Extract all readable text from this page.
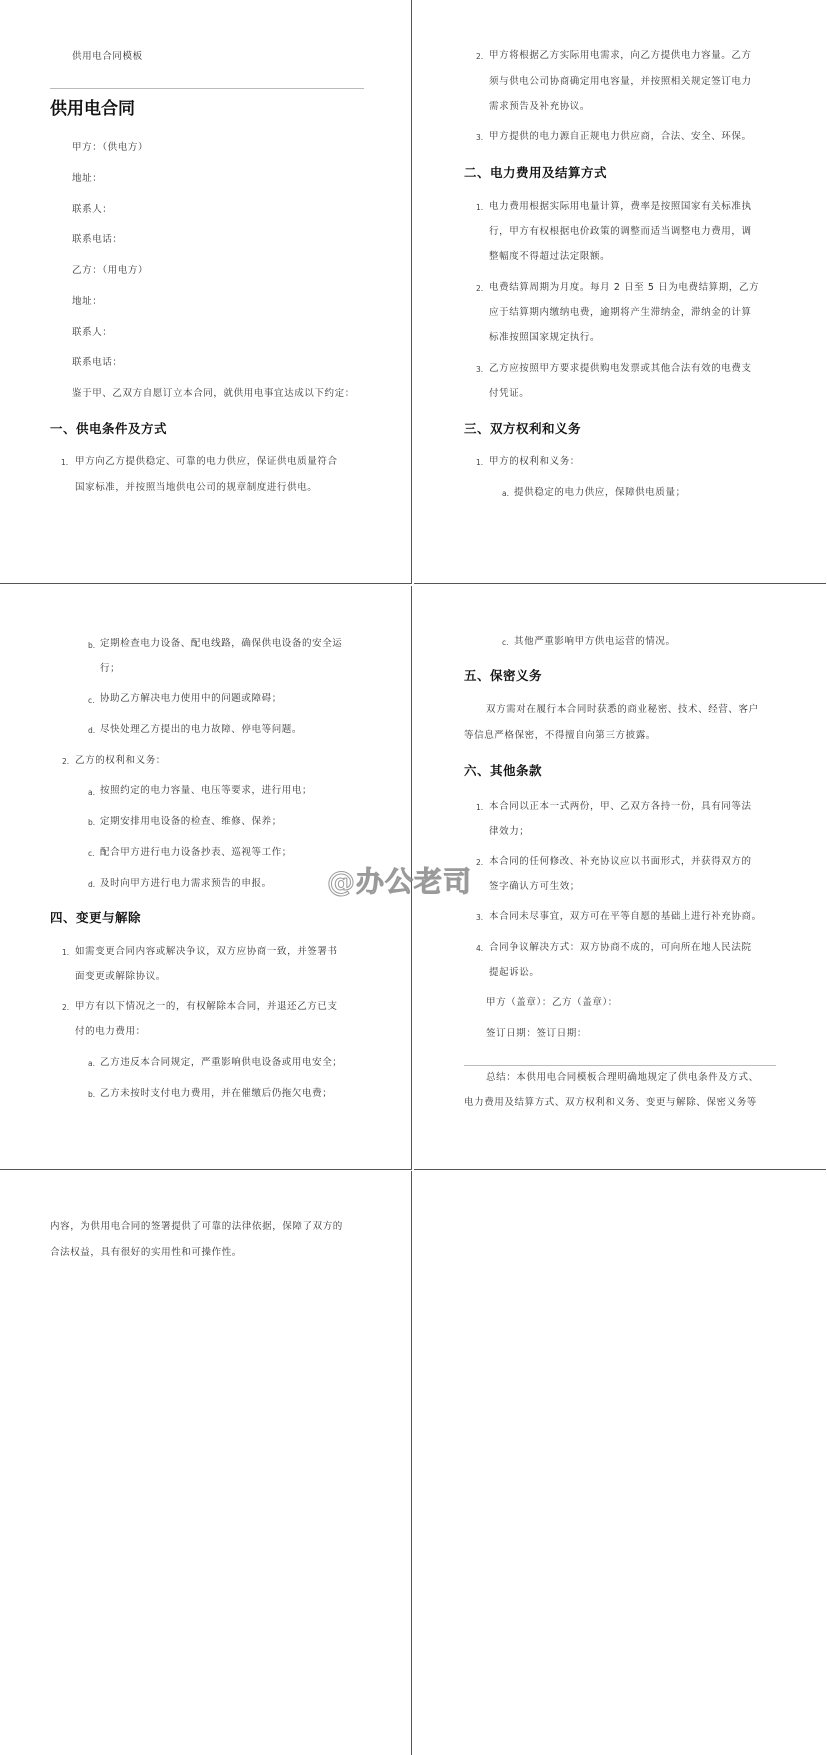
供用电合同模板
供用电合同
甲方：（供电方）
地址：
联系人：
联系电话：
乙方：（用电方）
地址：
联系人：
联系电话：
鉴于甲、乙双方自愿订立本合同，就供用电事宜达成以下约定：
一、供电条件及方式
1. 甲方向乙方提供稳定、可靠的电力供应，保证供电质量符合
国家标准，并按照当地供电公司的规章制度进行供电。
2. 甲方将根据乙方实际用电需求，向乙方提供电力容量。乙方
须与供电公司协商确定用电容量，并按照相关规定签订电力
需求预告及补充协议。
3. 甲方提供的电力源自正规电力供应商，合法、安全、环保。
二、电力费用及结算方式
1. 电力费用根据实际用电量计算，费率是按照国家有关标准执
行，甲方有权根据电价政策的调整而适当调整电力费用，调
整幅度不得超过法定限额。
2. 电费结算周期为月度。每月 2 日至 5 日为电费结算期，乙方
应于结算期内缴纳电费，逾期将产生滞纳金，滞纳金的计算
标准按照国家规定执行。
3. 乙方应按照甲方要求提供购电发票或其他合法有效的电费支
付凭证。
三、双方权利和义务
1. 甲方的权利和义务：
a. 提供稳定的电力供应，保障供电质量；
b. 定期检查电力设备、配电线路，确保供电设备的安全运
行；
c. 协助乙方解决电力使用中的问题或障碍；
d. 尽快处理乙方提出的电力故障、停电等问题。
2. 乙方的权利和义务：
a. 按照约定的电力容量、电压等要求，进行用电；
b. 定期安排用电设备的检查、维修、保养；
c. 配合甲方进行电力设备抄表、巡视等工作；
d. 及时向甲方进行电力需求预告的申报。
四、变更与解除
1. 如需变更合同内容或解决争议，双方应协商一致，并签署书
面变更或解除协议。
2. 甲方有以下情况之一的，有权解除本合同，并退还乙方已支
付的电力费用：
a. 乙方违反本合同规定，严重影响供电设备或用电安全；
b. 乙方未按时支付电力费用，并在催缴后仍拖欠电费；
c. 其他严重影响甲方供电运营的情况。
五、保密义务
双方需对在履行本合同时获悉的商业秘密、技术、经营、客户
等信息严格保密，不得擅自向第三方披露。
六、其他条款
1. 本合同以正本一式两份，甲、乙双方各持一份，具有同等法
律效力；
2. 本合同的任何修改、补充协议应以书面形式，并获得双方的
签字确认方可生效；
3. 本合同未尽事宜，双方可在平等自愿的基础上进行补充协商。
4. 合同争议解决方式：双方协商不成的，可向所在地人民法院
提起诉讼。
甲方（盖章）：乙方（盖章）：
签订日期：签订日期：
总结：本供用电合同模板合理明确地规定了供电条件及方式、
电力费用及结算方式、双方权利和义务、变更与解除、保密义务等
内容，为供用电合同的签署提供了可靠的法律依据，保障了双方的
合法权益，具有很好的实用性和可操作性。
@办公老司
